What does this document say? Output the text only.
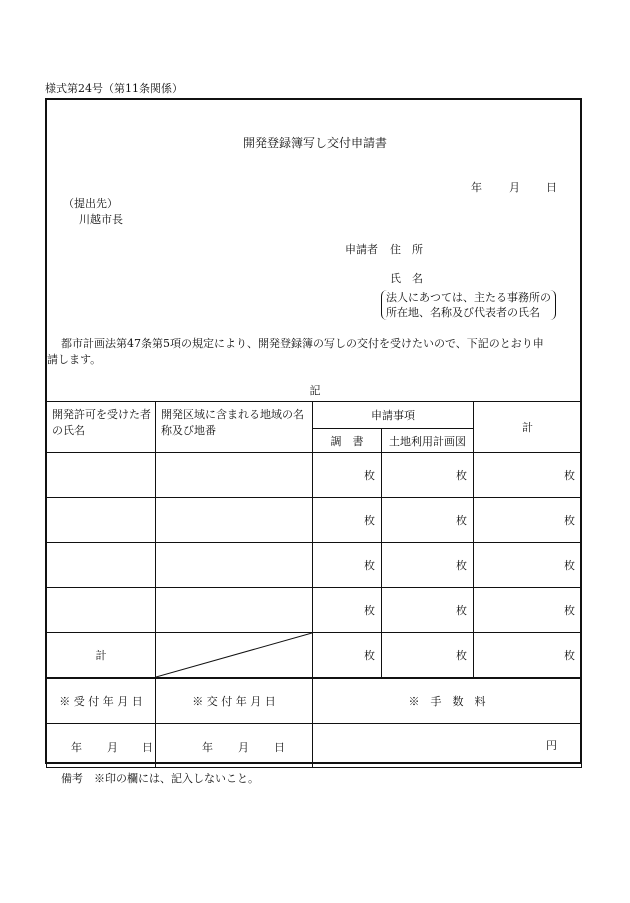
様式第24号（第11条関係）
開発登録簿写し交付申請書
年 月 日
（提出先）
川越市長
申請者 住　所
氏　名
法人にあつては、主たる事務所の
所在地、名称及び代表者の氏名
都市計画法第47条第5項の規定により、開発登録簿の写しの交付を受けたいので、下記のとおり申
請します。
記
開発許可を受けた者の氏名	開発区域に含まれる地域の名称及び地番	申請事項		計
		調　書	土地利用計画図	
		枚	枚	枚
		枚	枚	枚
		枚	枚	枚
		枚	枚	枚
計		枚	枚	枚
※ 受 付 年 月 日	※ 交 付 年 月 日	※　手　数　料

年 月 日	年 月 日	円
備考　※印の欄には、記入しないこと。
